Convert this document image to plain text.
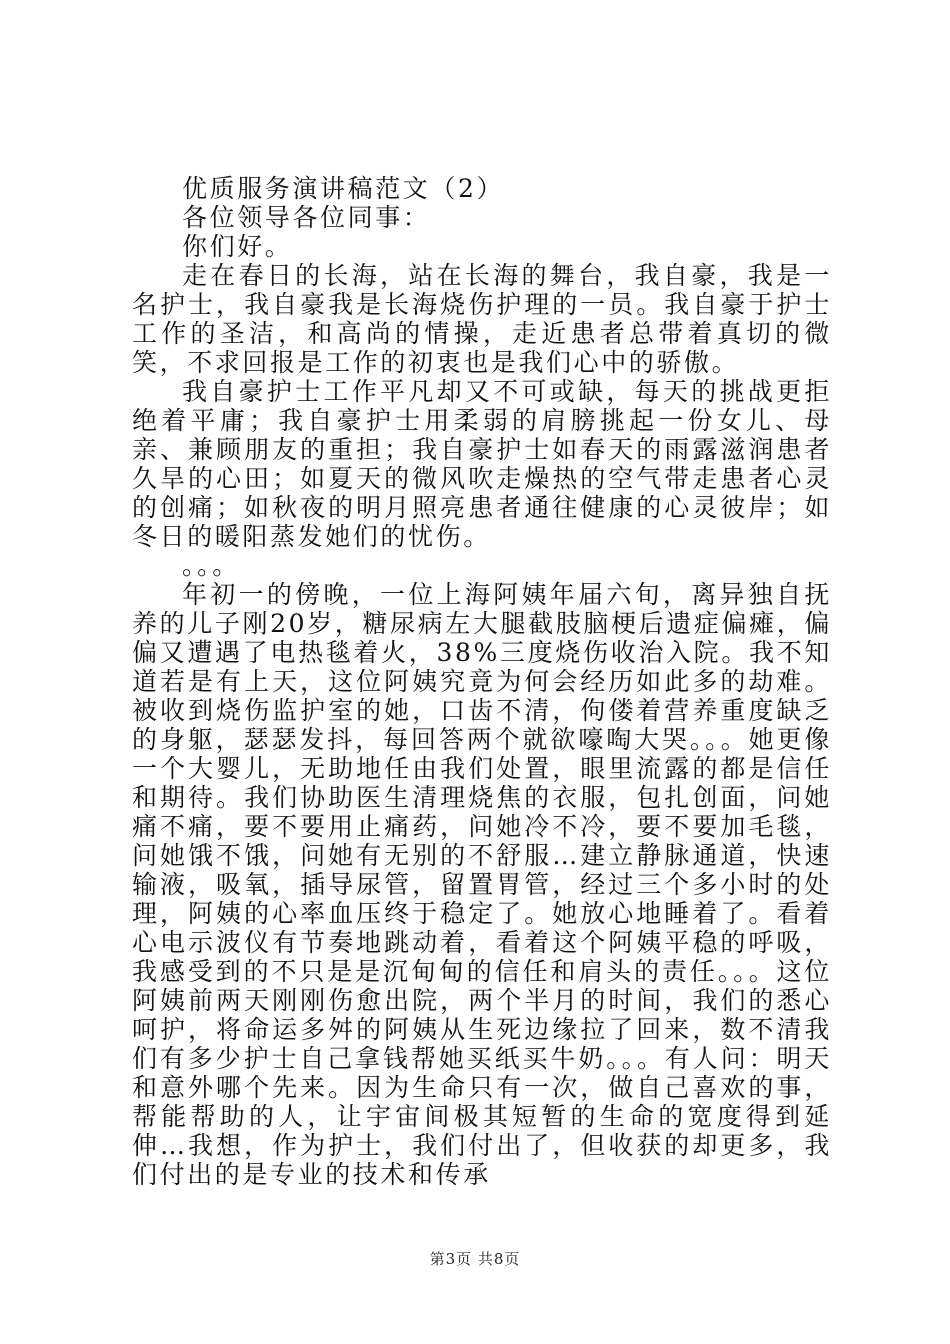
优质服务演讲稿范文（2）

各位领导各位同事：

你们好。

走在春日的长海，站在长海的舞台，我自豪，我是一名护士，我自豪我是长海烧伤护理的一员。我自豪于护士工作的圣洁，和高尚的情操，走近患者总带着真切的微笑，不求回报是工作的初衷也是我们心中的骄傲。

我自豪护士工作平凡却又不可或缺，每天的挑战更拒绝着平庸；我自豪护士用柔弱的肩膀挑起一份女儿、母亲、兼顾朋友的重担；我自豪护士如春天的雨露滋润患者久旱的心田；如夏天的微风吹走燥热的空气带走患者心灵的创痛；如秋夜的明月照亮患者通往健康的心灵彼岸；如冬日的暖阳蒸发她们的忧伤。

。。。

年初一的傍晚，一位上海阿姨年届六旬，离异独自抚养的儿子刚20岁，糖尿病左大腿截肢脑梗后遗症偏瘫，偏偏又遭遇了电热毯着火，38%三度烧伤收治入院。我不知道若是有上天，这位阿姨究竟为何会经历如此多的劫难。被收到烧伤监护室的她，口齿不清，佝偻着营养重度缺乏的身躯，瑟瑟发抖，每回答两个就欲嚎啕大哭。。。她更像一个大婴儿，无助地任由我们处置，眼里流露的都是信任和期待。我们协助医生清理烧焦的衣服，包扎创面，问她痛不痛，要不要用止痛药，问她冷不冷，要不要加毛毯，问她饿不饿，问她有无别的不舒服…建立静脉通道，快速输液，吸氧，插导尿管，留置胃管，经过三个多小时的处理，阿姨的心率血压终于稳定了。她放心地睡着了。看着心电示波仪有节奏地跳动着，看着这个阿姨平稳的呼吸，我感受到的不只是是沉甸甸的信任和肩头的责任。。。这位阿姨前两天刚刚伤愈出院，两个半月的时间，我们的悉心呵护，将命运多舛的阿姨从生死边缘拉了回来，数不清我们有多少护士自己拿钱帮她买纸买牛奶。。。有人问：明天和意外哪个先来。因为生命只有一次，做自己喜欢的事，帮能帮助的人，让宇宙间极其短暂的生命的宽度得到延伸…我想，作为护士，我们付出了，但收获的却更多，我们付出的是专业的技术和传承

第3页 共8页
